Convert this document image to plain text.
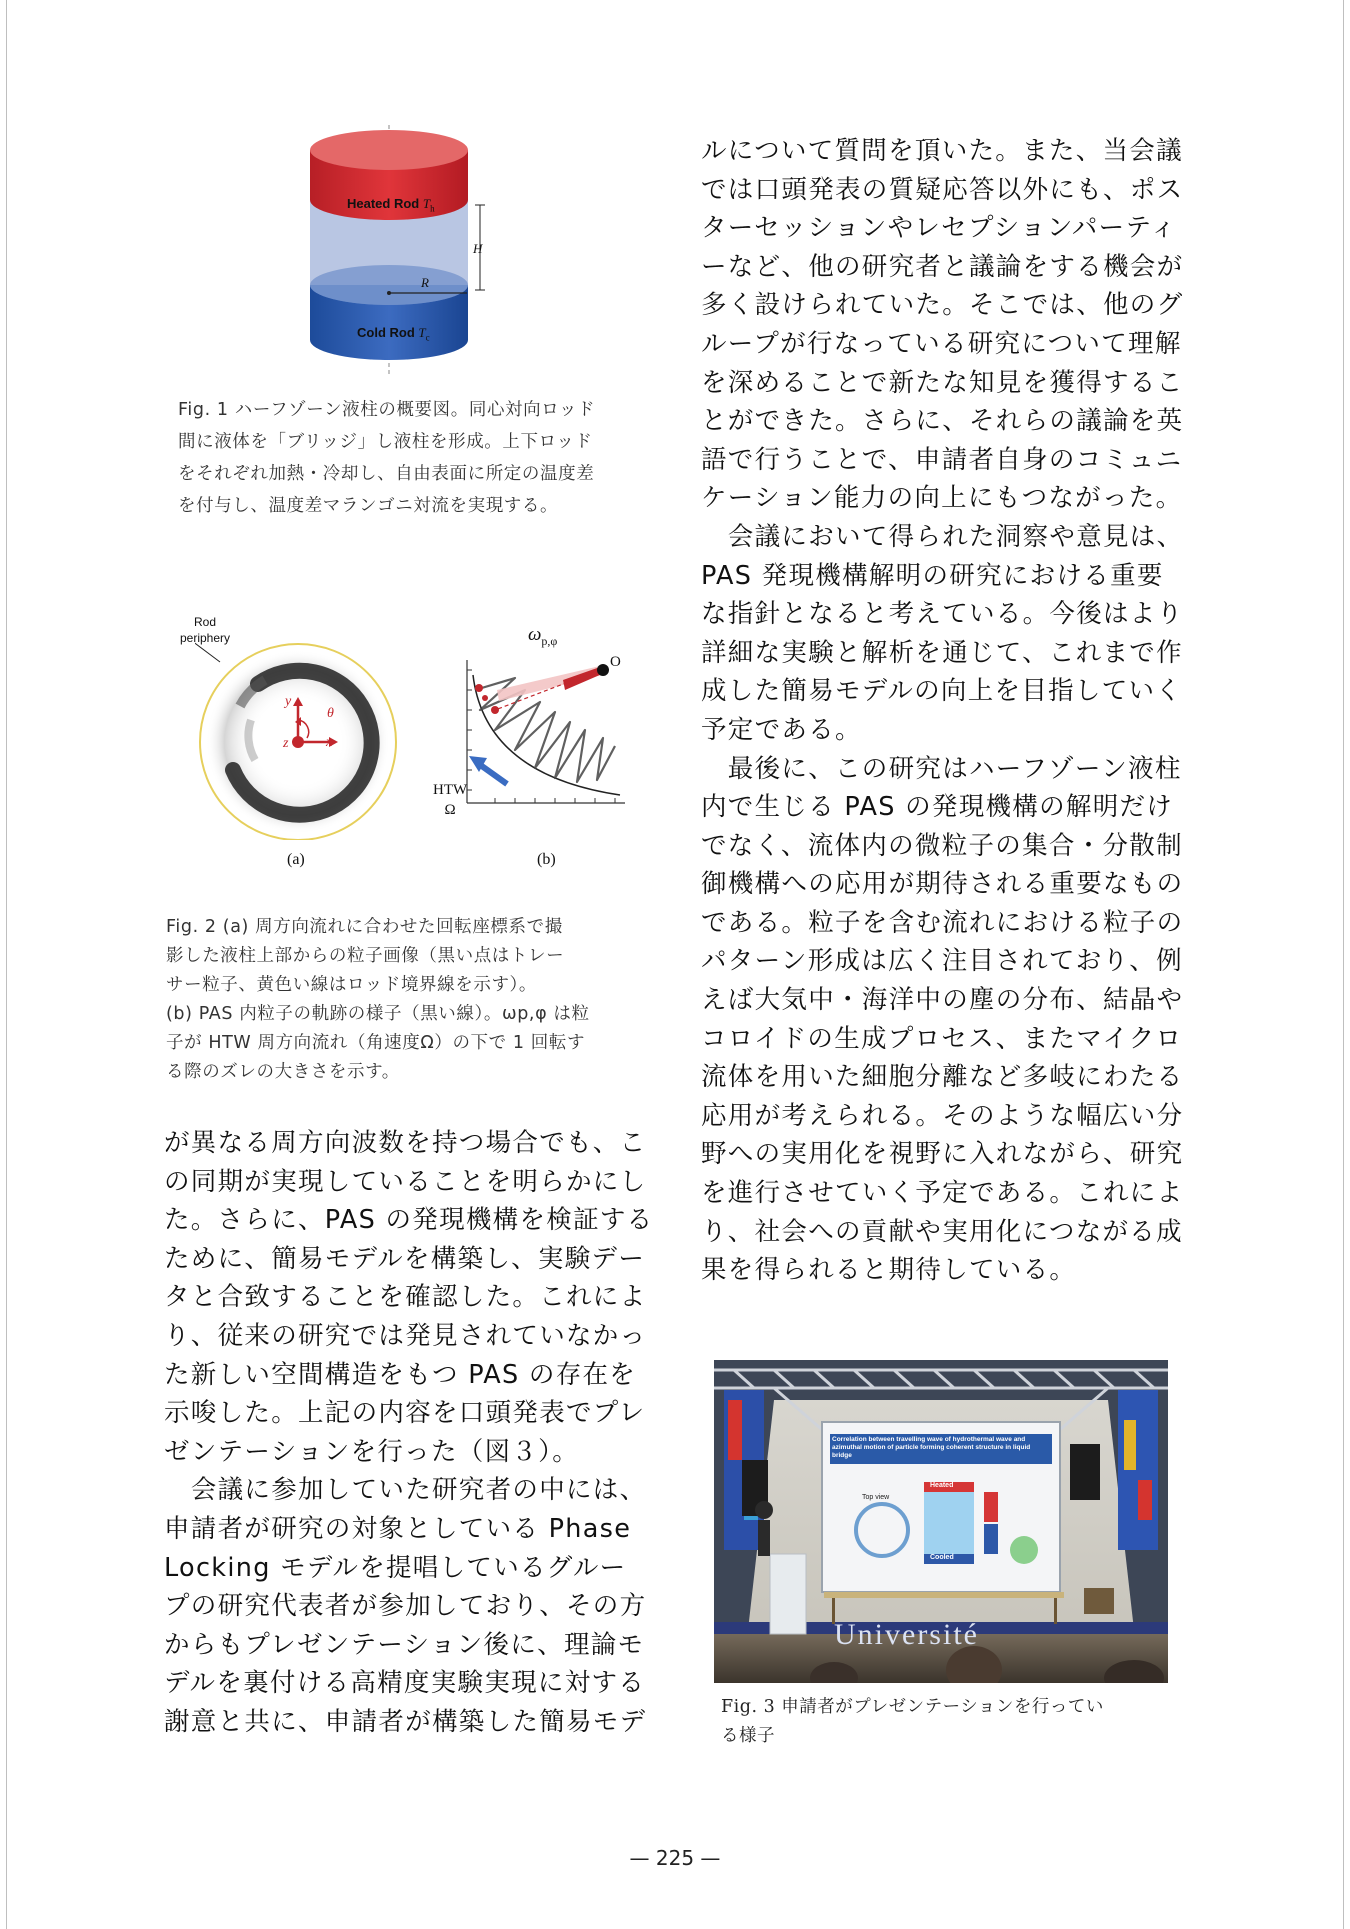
Heated Rod $T_h$
Cold Rod $T_c$
H
R

Fig. 1 ハーフゾーン液柱の概要図。同心対向ロッド

間に液体を「ブリッジ」し液柱を形成。上下ロッド

をそれぞれ加熱・冷却し、自由表面に所定の温度差

を付与し、温度差マランゴニ対流を実現する。

Rod
periphery
y
θ
z	x
$\omega_{p,\varphi}$
O
HTW
Ω
(a)	(b)

Fig. 2 (a) 周方向流れに合わせた回転座標系で撮

影した液柱上部からの粒子画像（黒い点はトレー

サー粒子、黄色い線はロッド境界線を示す）。

(b) PAS 内粒子の軌跡の様子（黒い線）。ωp,φ は粒

子が HTW 周方向流れ（角速度Ω）の下で 1 回転す

る際のズレの大きさを示す。

が異なる周方向波数を持つ場合でも、こ

の同期が実現していることを明らかにし

た。さらに、PAS の発現機構を検証する

ために、簡易モデルを構築し、実験デー

タと合致することを確認した。これによ

り、従来の研究では発見されていなかっ

た新しい空間構造をもつ PAS の存在を

示唆した。上記の内容を口頭発表でプレ

ゼンテーションを行った（図３）。

　会議に参加していた研究者の中には、

申請者が研究の対象としている Phase

Locking モデルを提唱しているグルー

プの研究代表者が参加しており、その方

からもプレゼンテーション後に、理論モ

デルを裏付ける高精度実験実現に対する

謝意と共に、申請者が構築した簡易モデ

ルについて質問を頂いた。また、当会議

では口頭発表の質疑応答以外にも、ポス

ターセッションやレセプションパーティ

ーなど、他の研究者と議論をする機会が

多く設けられていた。そこでは、他のグ

ループが行なっている研究について理解

を深めることで新たな知見を獲得するこ

とができた。さらに、それらの議論を英

語で行うことで、申請者自身のコミュニ

ケーション能力の向上にもつながった。

　会議において得られた洞察や意見は、

PAS 発現機構解明の研究における重要

な指針となると考えている。今後はより

詳細な実験と解析を通じて、これまで作

成した簡易モデルの向上を目指していく

予定である。

　最後に、この研究はハーフゾーン液柱

内で生じる PAS の発現機構の解明だけ

でなく、流体内の微粒子の集合・分散制

御機構への応用が期待される重要なもの

である。粒子を含む流れにおける粒子の

パターン形成は広く注目されており、例

えば大気中・海洋中の塵の分布、結晶や

コロイドの生成プロセス、またマイクロ

流体を用いた細胞分離など多岐にわたる

応用が考えられる。そのような幅広い分

野への実用化を視野に入れながら、研究

を進行させていく予定である。これによ

り、社会への貢献や実用化につながる成

果を得られると期待している。

Correlation between travelling wave of hydrothermal wave and azimuthal motion of particle forming coherent structure in liquid bridge
Top view
Heated
Cooled
Université
Fig. 3 申請者がプレゼンテーションを行ってい
る様子
— 225 —
